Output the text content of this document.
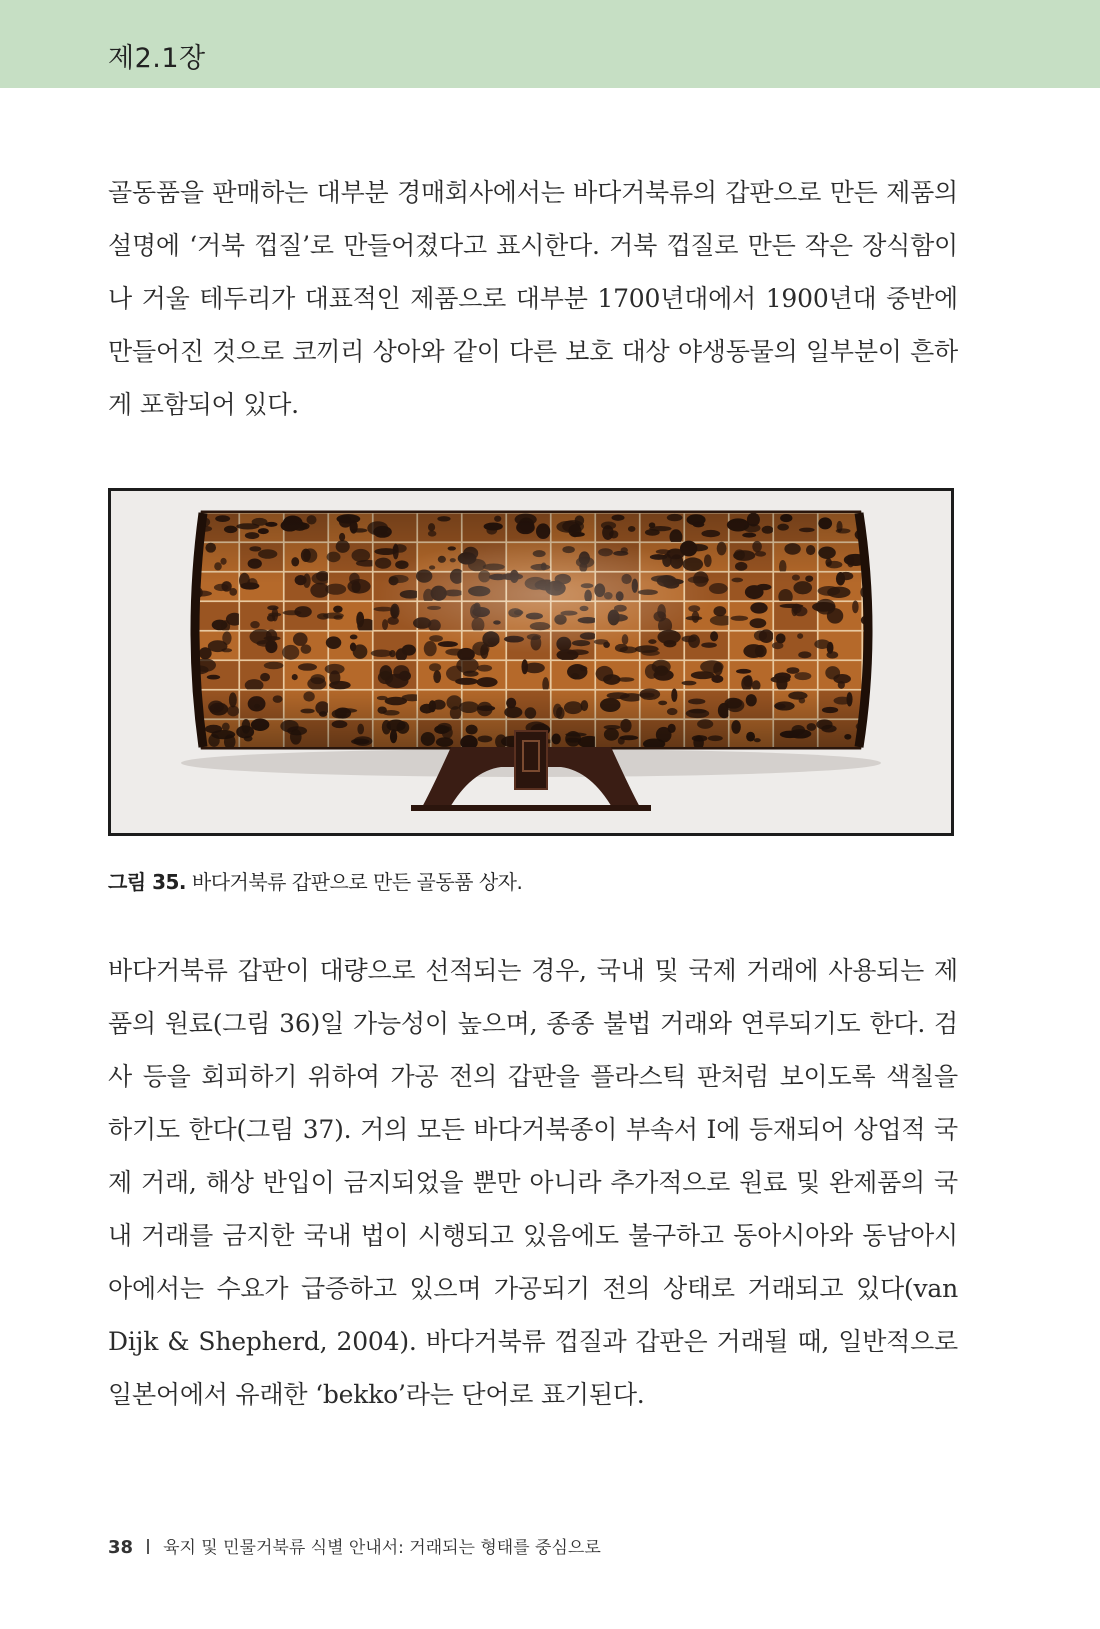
제2.1장

골동품을 판매하는 대부분 경매회사에서는 바다거북류의 갑판으로 만든 제품의 설명에 ‘거북 껍질’로 만들어졌다고 표시한다. 거북 껍질로 만든 작은 장식함이나 거울 테두리가 대표적인 제품으로 대부분 1700년대에서 1900년대 중반에 만들어진 것으로 코끼리 상아와 같이 다른 보호 대상 야생동물의 일부분이 흔하게 포함되어 있다.

그림 35. 바다거북류 갑판으로 만든 골동품 상자.

바다거북류 갑판이 대량으로 선적되는 경우, 국내 및 국제 거래에 사용되는 제품의 원료(그림 36)일 가능성이 높으며, 종종 불법 거래와 연루되기도 한다. 검사 등을 회피하기 위하여 가공 전의 갑판을 플라스틱 판처럼 보이도록 색칠을 하기도 한다(그림 37). 거의 모든 바다거북종이 부속서 I에 등재되어 상업적 국제 거래, 해상 반입이 금지되었을 뿐만 아니라 추가적으로 원료 및 완제품의 국내 거래를 금지한 국내 법이 시행되고 있음에도 불구하고 동아시아와 동남아시아에서는 수요가 급증하고 있으며 가공되기 전의 상태로 거래되고 있다(van Dijk & Shepherd, 2004). 바다거북류 껍질과 갑판은 거래될 때, 일반적으로 일본어에서 유래한 ‘bekko’라는 단어로 표기된다.

38 육지 및 민물거북류 식별 안내서: 거래되는 형태를 중심으로
